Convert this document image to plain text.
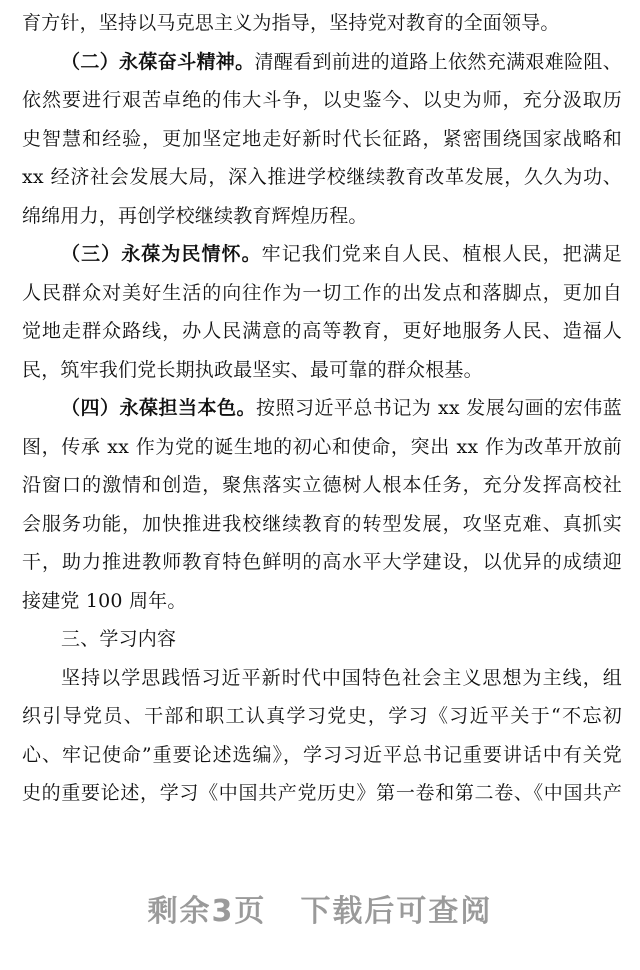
育方针，坚持以马克思主义为指导，坚持党对教育的全面领导。
（二）永葆奋斗精神。清醒看到前进的道路上依然充满艰难险阻、
依然要进行艰苦卓绝的伟大斗争，以史鉴今、以史为师，充分汲取历
史智慧和经验，更加坚定地走好新时代长征路，紧密围绕国家战略和
xx 经济社会发展大局，深入推进学校继续教育改革发展，久久为功、
绵绵用力，再创学校继续教育辉煌历程。
（三）永葆为民情怀。牢记我们党来自人民、植根人民，把满足
人民群众对美好生活的向往作为一切工作的出发点和落脚点，更加自
觉地走群众路线，办人民满意的高等教育，更好地服务人民、造福人
民，筑牢我们党长期执政最坚实、最可靠的群众根基。
（四）永葆担当本色。按照习近平总书记为 xx 发展勾画的宏伟蓝
图，传承 xx 作为党的诞生地的初心和使命，突出 xx 作为改革开放前
沿窗口的激情和创造，聚焦落实立德树人根本任务，充分发挥高校社
会服务功能，加快推进我校继续教育的转型发展，攻坚克难、真抓实
干，助力推进教师教育特色鲜明的高水平大学建设，以优异的成绩迎
接建党 100 周年。
三、学习内容
坚持以学思践悟习近平新时代中国特色社会主义思想为主线，组
织引导党员、干部和职工认真学习党史，学习《习近平关于“不忘初
心、牢记使命”重要论述选编》，学习习近平总书记重要讲话中有关党
史的重要论述，学习《中国共产党历史》第一卷和第二卷、《中国共产
剩余3页 下载后可查阅
